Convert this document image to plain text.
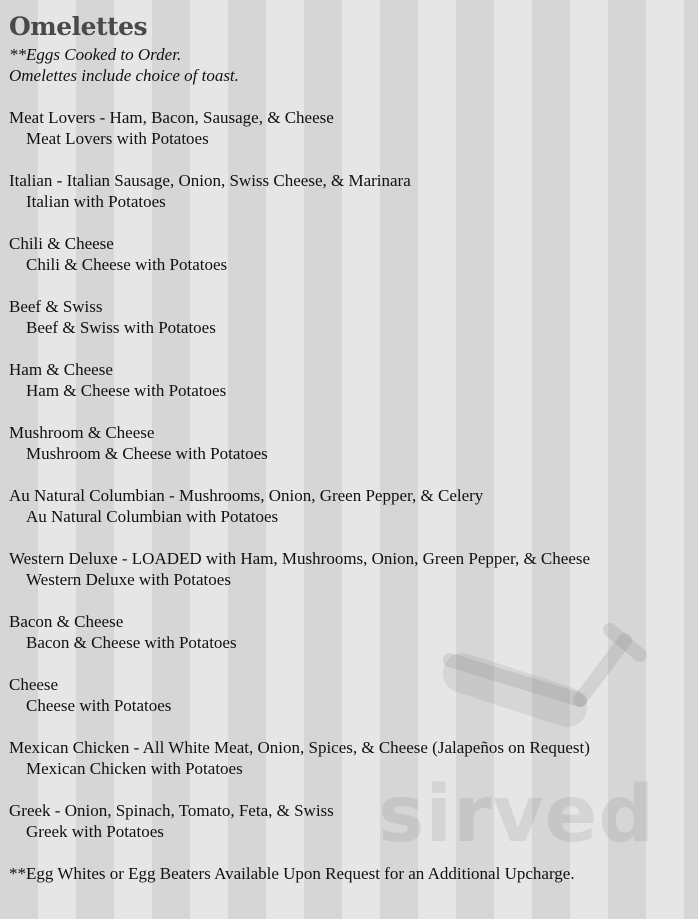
Omelettes
**Eggs Cooked to Order.
Omelettes include choice of toast.
Meat Lovers - Ham, Bacon, Sausage, & Cheese
Meat Lovers with Potatoes
Italian - Italian Sausage, Onion, Swiss Cheese, & Marinara
Italian with Potatoes
Chili & Cheese
Chili & Cheese with Potatoes
Beef & Swiss
Beef & Swiss with Potatoes
Ham & Cheese
Ham & Cheese with Potatoes
Mushroom & Cheese
Mushroom & Cheese with Potatoes
Au Natural Columbian - Mushrooms, Onion, Green Pepper, & Celery
Au Natural Columbian with Potatoes
Western Deluxe - LOADED with Ham, Mushrooms, Onion, Green Pepper, & Cheese
Western Deluxe with Potatoes
Bacon & Cheese
Bacon & Cheese with Potatoes
Cheese
Cheese with Potatoes
Mexican Chicken - All White Meat, Onion, Spices, & Cheese (Jalapeños on Request)
Mexican Chicken with Potatoes
Greek - Onion, Spinach, Tomato, Feta, & Swiss
Greek with Potatoes
**Egg Whites or Egg Beaters Available Upon Request for an Additional Upcharge.
sirved
